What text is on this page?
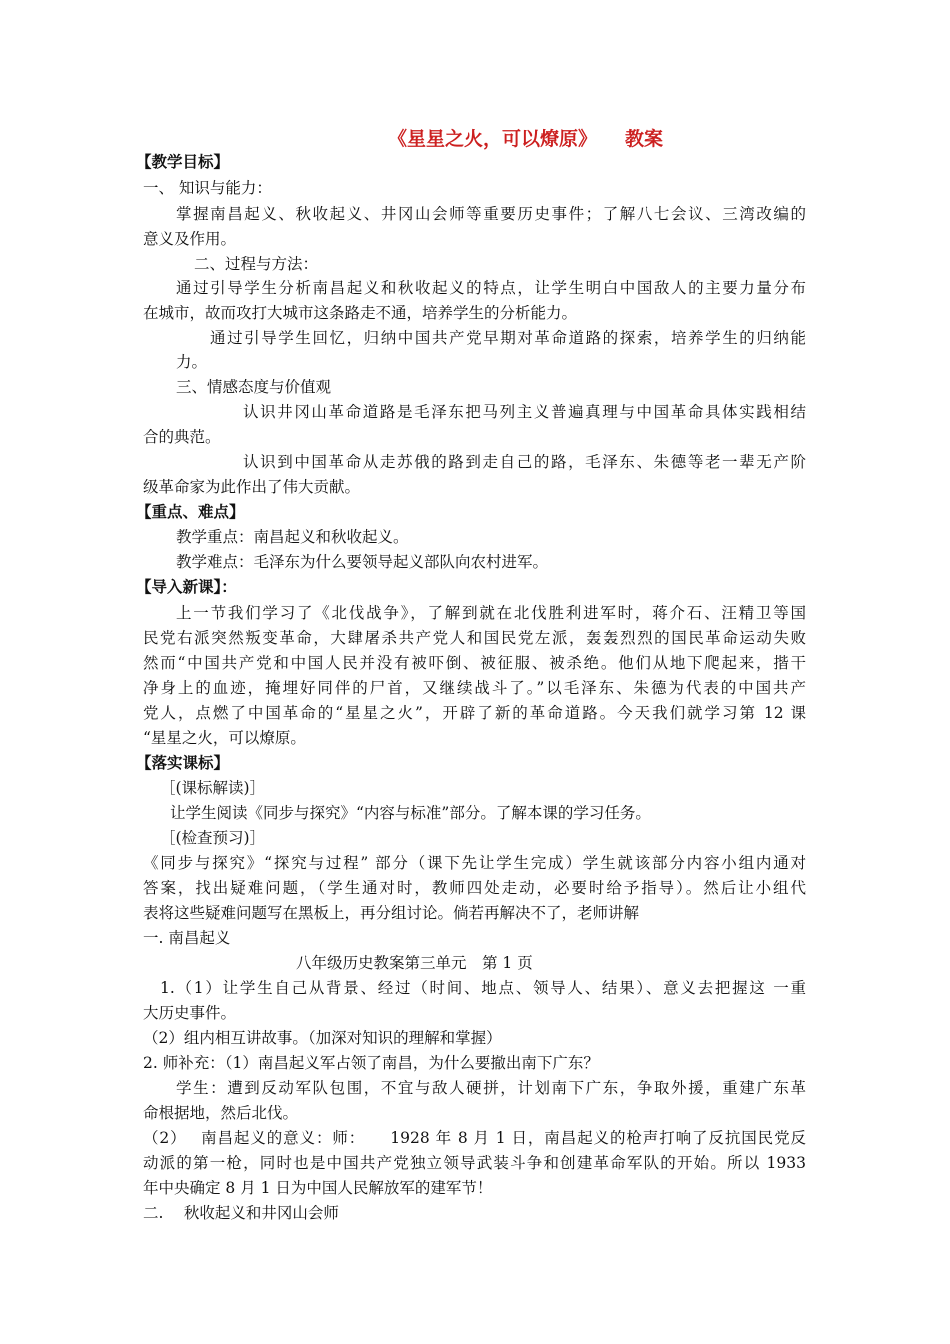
《星星之火，可以燎原》 教案
【教学目标】
一、 知识与能力：
掌握南昌起义、秋收起义、井冈山会师等重要历史事件；了解八七会议、三湾改编的
意义及作用。
二、过程与方法：
通过引导学生分析南昌起义和秋收起义的特点，让学生明白中国敌人的主要力量分布
在城市，故而攻打大城市这条路走不通，培养学生的分析能力。
通过引导学生回忆，归纳中国共产党早期对革命道路的探索，培养学生的归纳能
力。
三、情感态度与价值观
认识井冈山革命道路是毛泽东把马列主义普遍真理与中国革命具体实践相结
合的典范。
认识到中国革命从走苏俄的路到走自己的路，毛泽东、朱德等老一辈无产阶
级革命家为此作出了伟大贡献。
【重点、难点】
教学重点：南昌起义和秋收起义。
教学难点：毛泽东为什么要领导起义部队向农村进军。
【导入新课】：
上一节我们学习了《北伐战争》，了解到就在北伐胜利进军时，蒋介石、汪精卫等国
民党右派突然叛变革命，大肆屠杀共产党人和国民党左派，轰轰烈烈的国民革命运动失败
然而“中国共产党和中国人民并没有被吓倒、被征服、被杀绝。他们从地下爬起来，揩干
净身上的血迹，掩埋好同伴的尸首，又继续战斗了。”以毛泽东、朱德为代表的中国共产
党人，点燃了中国革命的“星星之火”，开辟了新的革命道路。今天我们就学习第 12 课
“星星之火，可以燎原。
【落实课标】
［(课标解读)］
让学生阅读《同步与探究》“内容与标准”部分。了解本课的学习任务。
［(检查预习)］
《同步与探究》“探究与过程” 部分（课下先让学生完成）学生就该部分内容小组内通对
答案，找出疑难问题，（学生通对时，教师四处走动，必要时给予指导）。然后让小组代
表将这些疑难问题写在黑板上，再分组讨论。倘若再解决不了，老师讲解
一. 南昌起义
八年级历史教案第三单元　第 1 页
1.（1）让学生自己从背景、经过（时间、地点、领导人、结果）、意义去把握这 一重
大历史事件。
（2）组内相互讲故事。（加深对知识的理解和掌握）
2. 师补充：（1）南昌起义军占领了南昌，为什么要撤出南下广东？
学生：遭到反动军队包围，不宜与敌人硬拼，计划南下广东，争取外援，重建广东革
命根据地，然后北伐。
（2）　 南昌起义的意义：师：　　1928 年 8 月 1 日，南昌起义的枪声打响了反抗国民党反
动派的第一枪，同时也是中国共产党独立领导武装斗争和创建革命军队的开始。所以 1933
年中央确定 8 月 1 日为中国人民解放军的建军节！
二.　 秋收起义和井冈山会师
